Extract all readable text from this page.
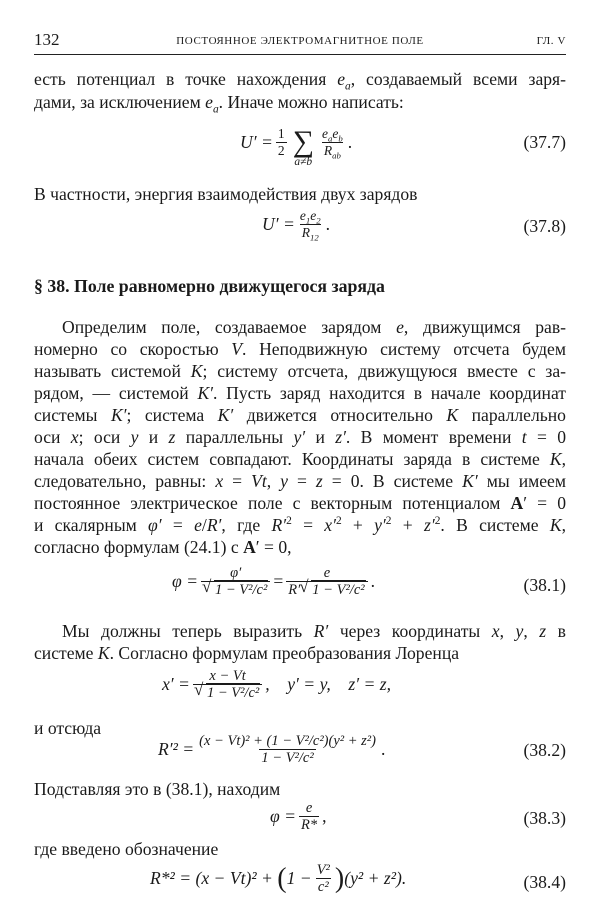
132	ПОСТОЯННОЕ ЭЛЕКТРОМАГНИТНОЕ ПОЛЕ	ГЛ. V
есть потенциал в точке нахождения $e_a$, создаваемый всеми заря-
дами, за исключением $e_a$. Иначе можно написать:
$U' = \frac{1}{2}$ ∑
a≠b
$\frac{e_ae_b}{R_{ab}}$ .	(37.7)
В частности, энергия взаимодействия двух зарядов
$U' = \frac{e_1e_2}{R_{12}}$ .	(37.8)
§ 38. Поле равномерно движущегося заряда
Определим поле, создаваемое зарядом e, движущимся рав-
номерно со скоростью V. Неподвижную систему отсчета будем
называть системой K; систему отсчета, движущуюся вместе с за-
рядом, — системой K′. Пусть заряд находится в начале координат
системы K′; система K′ движется относительно K параллельно
оси x; оси y и z параллельны y′ и z′. В момент времени t = 0
начала обеих систем совпадают. Координаты заряда в системе K,
следовательно, равны: x = Vt, y = z = 0. В системе K′ мы имеем
постоянное электрическое поле с векторным потенциалом A′ = 0
и скалярным φ′ = e/R′, где $R'^2 = x'^2 + y'^2 + z'^2$. В системе K,
согласно формулам (24.1) с A′ = 0,
φ = φ′
√ $1 - V^2/c^2 = \frac{e}{\text{R′ √ 1 − V²/c²}}$ .	(38.1)
Мы должны теперь выразить R′ через координаты x, y, z в
системе K. Согласно формулам преобразования Лоренца
x′ = x − Vt
√ 1 − V²/c² ,    y′ = y,    z′ = z,
и отсюда
$R'^2 = \frac{\text{(x − Vt)² + (1 − V²/c²)(y² + z²)}}{\text{1 − V²/c²}}$ .	(38.2)
Подставляя это в (38.1), находим
$\varphi = \frac{e}{R*}$ ,	(38.3)
где введено обозначение
R*² = (x − Vt)² +
( $1 - \frac{\text{V²}}{\text{c²}}$ ) (y² + z²).	(38.4)
